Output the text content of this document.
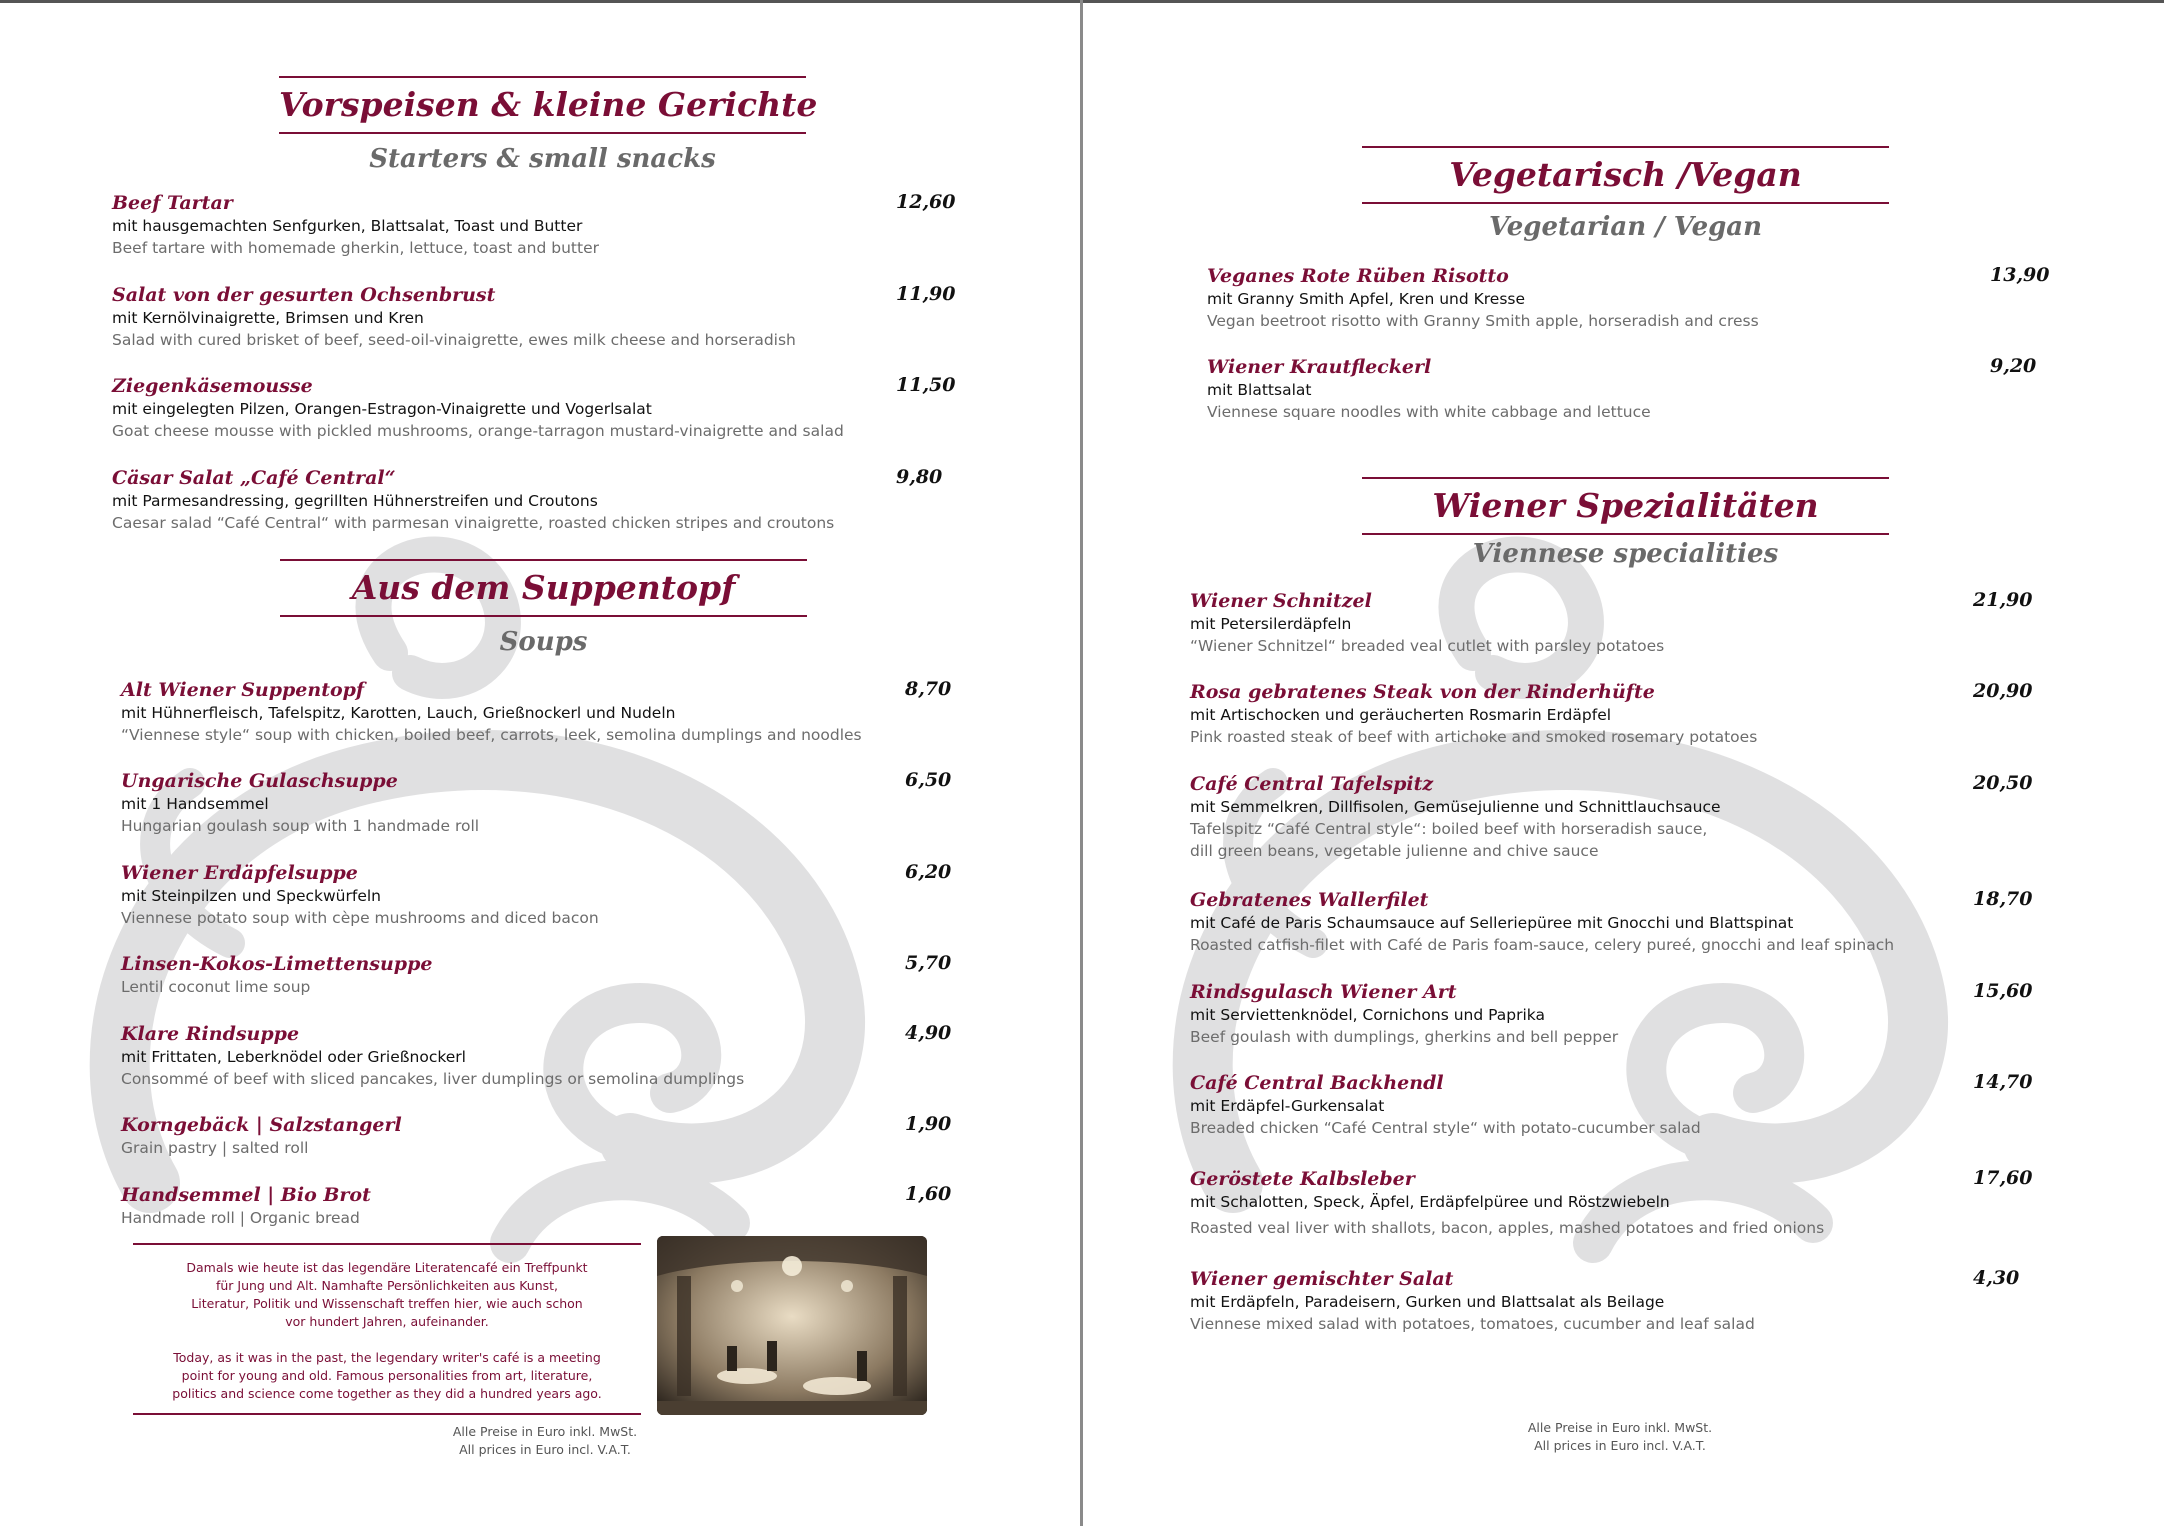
Vorspeisen & kleine Gerichte
Starters & small snacks
Beef Tartar
mit hausgemachten Senfgurken, Blattsalat, Toast und Butter
Beef tartare with homemade gherkin, lettuce, toast and butter
12,60
Salat von der gesurten Ochsenbrust
mit Kernölvinaigrette, Brimsen und Kren
Salad with cured brisket of beef, seed-oil-vinaigrette, ewes milk cheese and horseradish
11,90
Ziegenkäsemousse
mit eingelegten Pilzen, Orangen-Estragon-Vinaigrette und Vogerlsalat
Goat cheese mousse with pickled mushrooms, orange-tarragon mustard-vinaigrette and salad
11,50
Cäsar Salat „Café Central“
mit Parmesandressing, gegrillten Hühnerstreifen und Croutons
Caesar salad “Café Central“ with parmesan vinaigrette, roasted chicken stripes and croutons
9,80
Aus dem Suppentopf
Soups
Alt Wiener Suppentopf
mit Hühnerfleisch, Tafelspitz, Karotten, Lauch, Grießnockerl und Nudeln
“Viennese style“ soup with chicken, boiled beef, carrots, leek, semolina dumplings and noodles
8,70
Ungarische Gulaschsuppe
mit 1 Handsemmel
Hungarian goulash soup with 1 handmade roll
6,50
Wiener Erdäpfelsuppe
mit Steinpilzen und Speckwürfeln
Viennese potato soup with cèpe mushrooms and diced bacon
6,20
Linsen-Kokos-Limettensuppe
Lentil coconut lime soup
5,70
Klare Rindsuppe
mit Frittaten, Leberknödel oder Grießnockerl
Consommé of beef with sliced pancakes, liver dumplings or semolina dumplings
4,90
Korngebäck | Salzstangerl
Grain pastry | salted roll
1,90
Handsemmel | Bio Brot
Handmade roll | Organic bread
1,60

Damals wie heute ist das legendäre Literatencafé ein Treffpunkt

für Jung und Alt. Namhafte Persönlichkeiten aus Kunst,

Literatur, Politik und Wissenschaft treffen hier, wie auch schon

vor hundert Jahren, aufeinander.

Today, as it was in the past, the legendary writer's café is a meeting

point for young and old. Famous personalities from art, literature,

politics and science come together as they did a hundred years ago.

Alle Preise in Euro inkl. MwSt.
All prices in Euro incl. V.A.T.
Vegetarisch /Vegan
Vegetarian / Vegan
Veganes Rote Rüben Risotto
mit Granny Smith Apfel, Kren und Kresse
Vegan beetroot risotto with Granny Smith apple, horseradish and cress
13,90
Wiener Krautfleckerl
mit Blattsalat
Viennese square noodles with white cabbage and lettuce
9,20
Wiener Spezialitäten
Viennese specialities
Wiener Schnitzel
mit Petersilerdäpfeln
“Wiener Schnitzel“ breaded veal cutlet with parsley potatoes
21,90
Rosa gebratenes Steak von der Rinderhüfte
mit Artischocken und geräucherten Rosmarin Erdäpfel
Pink roasted steak of beef with artichoke and smoked rosemary potatoes
20,90
Café Central Tafelspitz
mit Semmelkren, Dillfisolen, Gemüsejulienne und Schnittlauchsauce
Tafelspitz “Café Central style“: boiled beef with horseradish sauce,
dill green beans, vegetable julienne and chive sauce
20,50
Gebratenes Wallerfilet
mit Café de Paris Schaumsauce auf Selleriepüree mit Gnocchi und Blattspinat
Roasted catfish-filet with Café de Paris foam-sauce, celery pureé, gnocchi and leaf spinach
18,70
Rindsgulasch Wiener Art
mit Serviettenknödel, Cornichons und Paprika
Beef goulash with dumplings, gherkins and bell pepper
15,60
Café Central Backhendl
mit Erdäpfel-Gurkensalat
Breaded chicken “Café Central style“ with potato-cucumber salad
14,70
Geröstete Kalbsleber
mit Schalotten, Speck, Äpfel, Erdäpfelpüree und Röstzwiebeln
Roasted veal liver with shallots, bacon, apples, mashed potatoes and fried onions
17,60
Wiener gemischter Salat
mit Erdäpfeln, Paradeisern, Gurken und Blattsalat als Beilage
Viennese mixed salad with potatoes, tomatoes, cucumber and leaf salad
4,30
Alle Preise in Euro inkl. MwSt.
All prices in Euro incl. V.A.T.
